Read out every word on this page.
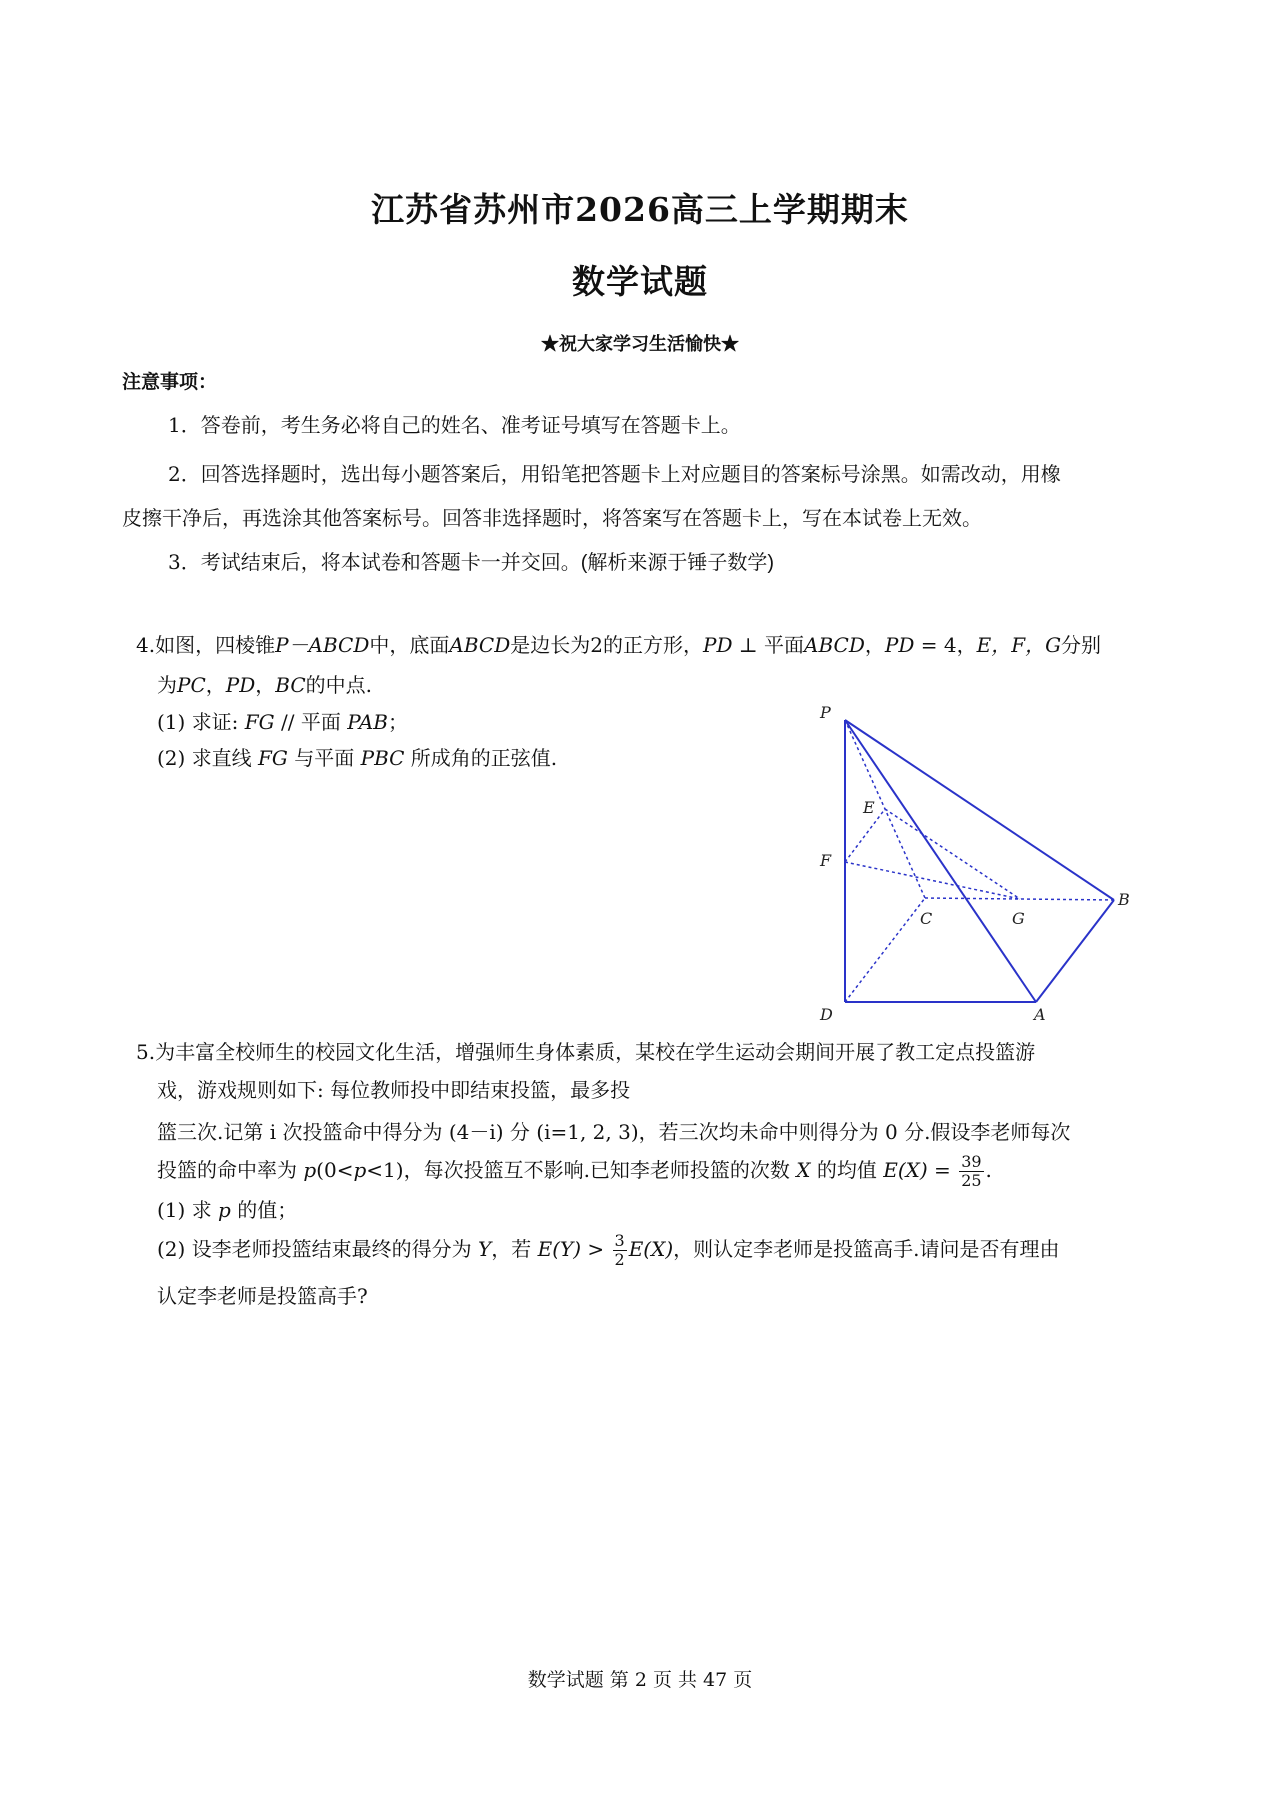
江苏省苏州市2026高三上学期期末
数学试题
★祝大家学习生活愉快★
注意事项：
1．答卷前，考生务必将自己的姓名、准考证号填写在答题卡上。
2．回答选择题时，选出每小题答案后，用铅笔把答题卡上对应题目的答案标号涂黑。如需改动，用橡
皮擦干净后，再选涂其他答案标号。回答非选择题时，将答案写在答题卡上，写在本试卷上无效。
3．考试结束后，将本试卷和答题卡一并交回。(解析来源于锤子数学)
4.如图，四棱锥P－ABCD中，底面ABCD是边长为2的正方形，PD ⊥ 平面ABCD，PD = 4，E，F，G分别
为PC，PD，BC的中点.
(1) 求证: FG // 平面 PAB；
(2) 求直线 FG 与平面 PBC 所成角的正弦值.
P
E
F
C	G
B
D	A
5.为丰富全校师生的校园文化生活，增强师生身体素质，某校在学生运动会期间开展了教工定点投篮游
戏，游戏规则如下: 每位教师投中即结束投篮，最多投
篮三次.记第 i 次投篮命中得分为 (4－i) 分 (i=1, 2, 3)，若三次均未命中则得分为 0 分.假设李老师每次
投篮的命中率为 p(0<p<1)，每次投篮互不影响.已知李老师投篮的次数 X 的均值 $E(X) = \frac{39}{25}$ .
(1) 求 p 的值；
(2) 设李老师投篮结束最终的得分为 Y，若 $E(Y) > \frac{3}{2} E(X)$，则认定李老师是投篮高手.请问是否有理由
认定李老师是投篮高手?
数学试题 第 2 页 共 47 页
